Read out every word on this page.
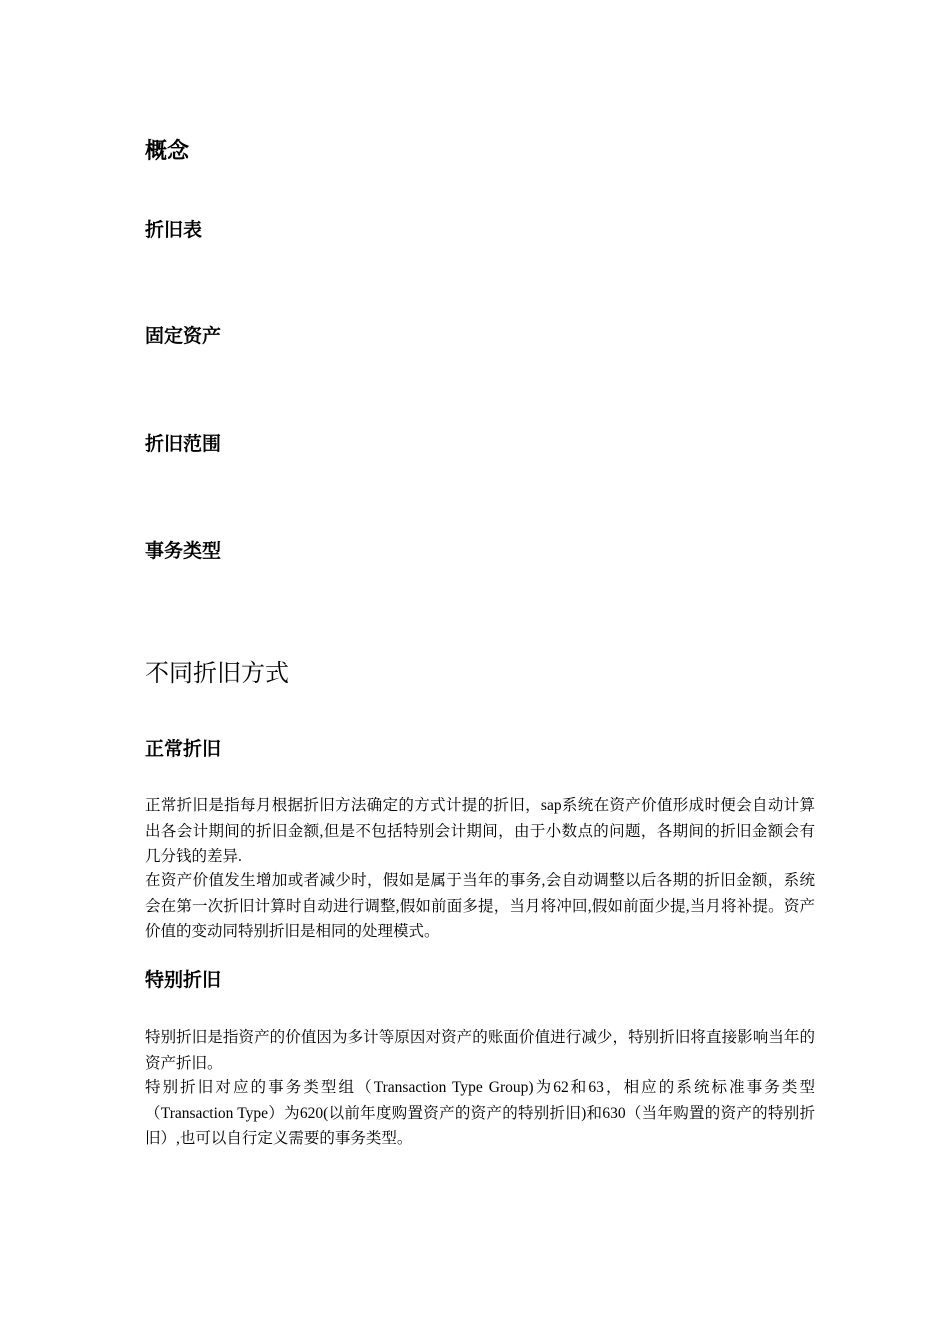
概念
折旧表
固定资产
折旧范围
事务类型
不同折旧方式
正常折旧

正常折旧是指每月根据折旧方法确定的方式计提的折旧，sap系统在资产价值形成时便会自动计算出各会计期间的折旧金额,但是不包括特别会计期间，由于小数点的问题，各期间的折旧金额会有几分钱的差异.

在资产价值发生增加或者减少时，假如是属于当年的事务,会自动调整以后各期的折旧金额，系统会在第一次折旧计算时自动进行调整,假如前面多提，当月将冲回,假如前面少提,当月将补提。资产价值的变动同特别折旧是相同的处理模式。

特别折旧

特别折旧是指资产的价值因为多计等原因对资产的账面价值进行减少，特别折旧将直接影响当年的资产折旧。

特别折旧对应的事务类型组（Transaction Type Group)为62和63，相应的系统标准事务类型（Transaction Type）为620(以前年度购置资产的资产的特别折旧)和630（当年购置的资产的特别折旧）,也可以自行定义需要的事务类型。
